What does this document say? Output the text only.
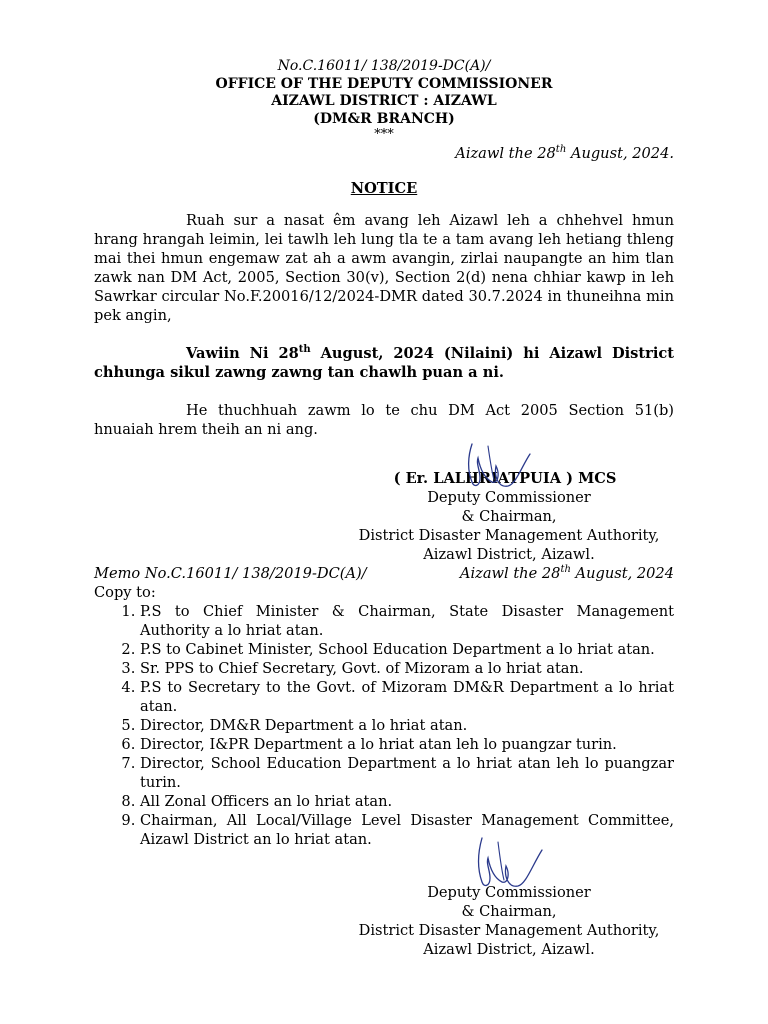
No.C.16011/ 138/2019-DC(A)/
OFFICE OF THE DEPUTY COMMISSIONER
AIZAWL DISTRICT : AIZAWL
(DM&R BRANCH)
***
Aizawl the 28th August, 2024.
NOTICE
Ruah sur a nasat êm avang leh Aizawl leh a chhehvel hmun hrang hrangah leimin, lei tawlh leh lung tla te a tam avang leh hetiang thleng mai thei hmun engemaw zat ah a awm avangin, zirlai naupangte an him tlan zawk nan DM Act, 2005, Section 30(v), Section 2(d) nena chhiar kawp in leh Sawrkar circular No.F.20016/12/2024-DMR dated 30.7.2024 in thuneihna min pek angin,
Vawiin Ni 28th August, 2024 (Nilaini) hi Aizawl District chhunga sikul zawng zawng tan chawlh puan a ni.
He thuchhuah zawm lo te chu DM Act 2005 Section 51(b) hnuaiah hrem theih an ni ang.
( Er. LALHRIATPUIA ) MCS
Deputy Commissioner
& Chairman,
District Disaster Management Authority,
Aizawl District, Aizawl.
Memo No.C.16011/ 138/2019-DC(A)/	Aizawl the 28th August, 2024
Copy to:
1. P.S to Chief Minister & Chairman, State Disaster Management Authority a lo hriat atan.
2. P.S to Cabinet Minister, School Education Department a lo hriat atan.
3. Sr. PPS to Chief Secretary, Govt. of Mizoram a lo hriat atan.
4. P.S to Secretary to the Govt. of Mizoram DM&R Department a lo hriat atan.
5. Director, DM&R Department a lo hriat atan.
6. Director, I&PR Department a lo hriat atan leh lo puangzar turin.
7. Director, School Education Department a lo hriat atan leh lo puangzar turin.
8. All Zonal Officers an lo hriat atan.
9. Chairman, All Local/Village Level Disaster Management Committee, Aizawl District an lo hriat atan.
Deputy Commissioner
& Chairman,
District Disaster Management Authority,
Aizawl District, Aizawl.
